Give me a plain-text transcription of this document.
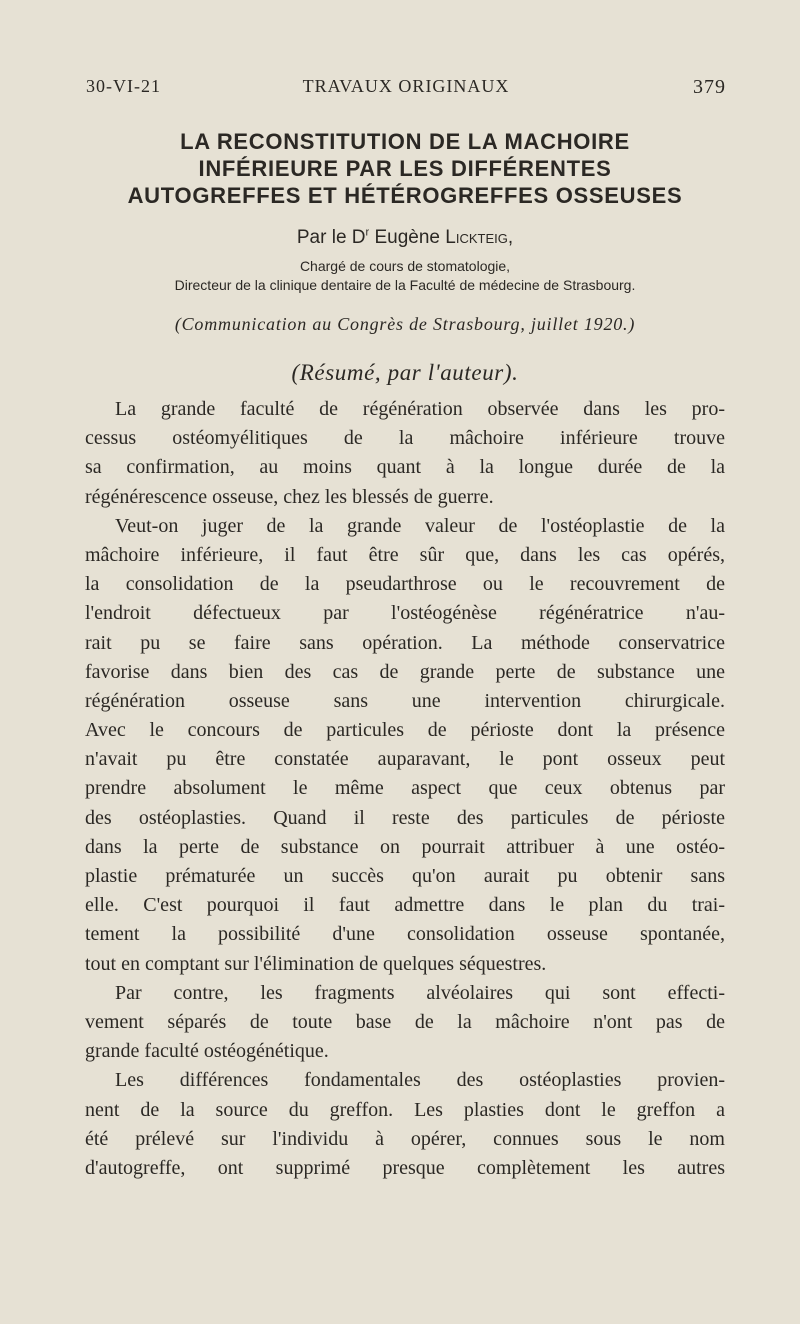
30-VI-21	TRAVAUX ORIGINAUX	379
LA RECONSTITUTION DE LA MACHOIRE
INFÉRIEURE PAR LES DIFFÉRENTES
AUTOGREFFES ET HÉTÉROGREFFES OSSEUSES
Par le $D^r$ Eugène Lickteig,
Chargé de cours de stomatologie,
Directeur de la clinique dentaire de la Faculté de médecine de Strasbourg.
(Communication au Congrès de Strasbourg, juillet 1920.)
(Résumé, par l'auteur).

La grande faculté de régénération observée dans les pro-
cessus ostéomyélitiques de la mâchoire inférieure trouve
sa confirmation, au moins quant à la longue durée de la
régénérescence osseuse, chez les blessés de guerre.

Veut-on juger de la grande valeur de l'ostéoplastie de la
mâchoire inférieure, il faut être sûr que, dans les cas opérés,
la consolidation de la pseudarthrose ou le recouvrement de
l'endroit défectueux par l'ostéogénèse régénératrice n'au-
rait pu se faire sans opération. La méthode conservatrice
favorise dans bien des cas de grande perte de substance une
régénération osseuse sans une intervention chirurgicale.
Avec le concours de particules de périoste dont la présence
n'avait pu être constatée auparavant, le pont osseux peut
prendre absolument le même aspect que ceux obtenus par
des ostéoplasties. Quand il reste des particules de périoste
dans la perte de substance on pourrait attribuer à une ostéo-
plastie prématurée un succès qu'on aurait pu obtenir sans
elle. C'est pourquoi il faut admettre dans le plan du trai-
tement la possibilité d'une consolidation osseuse spontanée,
tout en comptant sur l'élimination de quelques séquestres.

Par contre, les fragments alvéolaires qui sont effecti-
vement séparés de toute base de la mâchoire n'ont pas de
grande faculté ostéogénétique.

Les différences fondamentales des ostéoplasties provien-
nent de la source du greffon. Les plasties dont le greffon a
été prélevé sur l'individu à opérer, connues sous le nom
d'autogreffe, ont supprimé presque complètement les autres
